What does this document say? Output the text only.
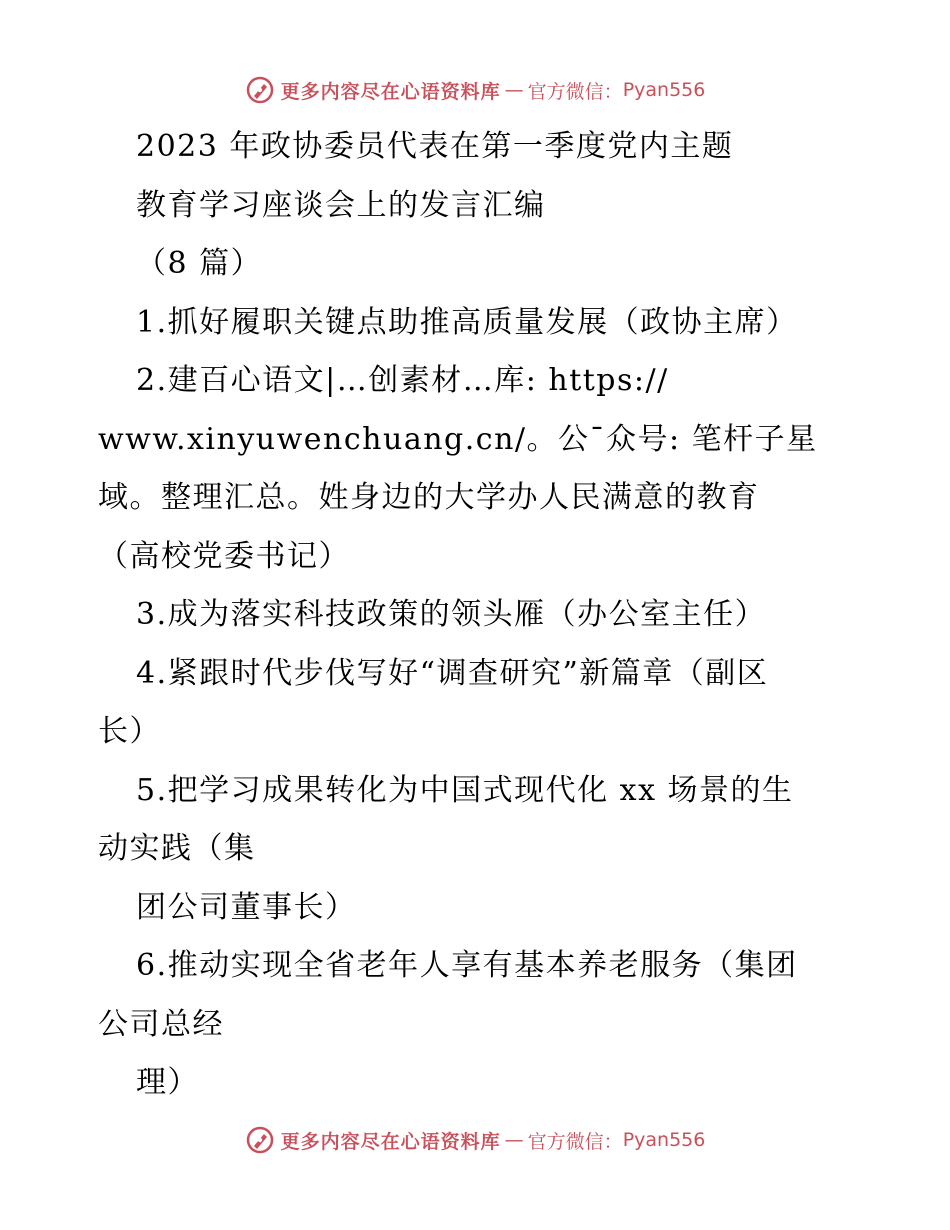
更多内容尽在心语资料库 — 官方微信： Pyan556
2023 年政协委员代表在第一季度党内主题
教育学习座谈会上的发言汇编
（8 篇）
1.抓好履职关键点助推高质量发展（政协主席）
2.建百心语文|…创素材…库: https://
www.xinyuwenchuang.cn/。公¯众号: 笔杆子星
域。整理汇总。姓身边的大学办人民满意的教育
（高校党委书记）
3.成为落实科技政策的领头雁（办公室主任）
4.紧跟时代步伐写好“调查研究”新篇章（副区
长）
5.把学习成果转化为中国式现代化 xx 场景的生
动实践（集
团公司董事长）
6.推动实现全省老年人享有基本养老服务（集团
公司总经
理）
更多内容尽在心语资料库 — 官方微信： Pyan556
